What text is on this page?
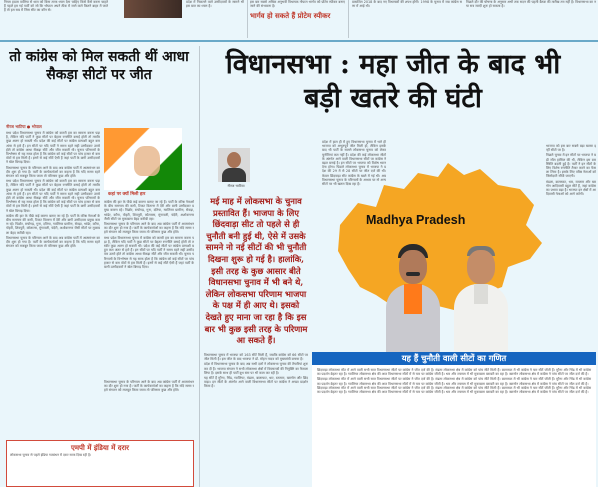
नियम हाउस वालिया से धारा को किस तरफ ध्यान देना चाहिए किसे कैसे करना चाहते हैं पहले हम गई पार्टी को जो कि भोपाल अपने ठीक में जाने वाले कितने बाहर में जाते हैं तो हम सब में जिस सीट का कौन से।

प्रदेश में निकलने वाले उम्मीदवारों के सामने भी इस बात का ध्यान है।

इस बार सबसे अधिक अनुभवी विधायक गोपाल भार्गव को प्रोटेम स्पीकर बनाए जाने की संभावना है।
भार्गव हो सकते हैं प्रोटेम स्पीकर

प्रकाशित 2018 के बाद नए विधायकों की शपथ होगी। 1998 के चुनाव में जब कांग्रेस सत्ता में आई थी।

पिछले दौर की घोषणा के अनुसार अभी तक सदन की पहली बैठक की तारीख तय नहीं है। विधानसभा का नया सत्र जल्दी शुरू हो सकता है।

तो कांग्रेस को मिल सकती थीं आधा सैकड़ा सीटों पर जीत
नीरज भाटिया ● भोपाल

मध्य प्रदेश विधानसभा चुनाव में कांग्रेस को करारी हार का सामना करना पड़ा है, लेकिन यदि पार्टी ने कुछ सीटों पर बेहतर रणनीति बनाई होती तो तस्वीर कुछ अलग हो सकती थी। प्रदेश की कई सीटों पर कांग्रेस प्रत्याशी बहुत कम अंतर से हारे हैं। इन सीटों पर यदि पार्टी ने समय रहते सही उम्मीदवार उतारे होते तो कांग्रेस आधा सैकड़ा सीटें और जीत सकती थी। चुनाव परिणामों के विश्लेषण से यह साफ होता है कि कांग्रेस को कई सीटों पर पांच हजार से कम वोटों से हार मिली है। इनमें से कई सीटें ऐसी हैं जहां पार्टी के बागी उम्मीदवारों ने खेल बिगाड़ दिया।

विधानसभा चुनाव के परिणाम आने के बाद अब कांग्रेस पार्टी में आत्ममंथन का दौर शुरू हो गया है। पार्टी के कार्यकर्ताओं का कहना है कि यदि समय रहते संगठन को मजबूत किया जाता तो परिणाम कुछ और होते।

मध्य प्रदेश विधानसभा चुनाव में कांग्रेस को करारी हार का सामना करना पड़ा है, लेकिन यदि पार्टी ने कुछ सीटों पर बेहतर रणनीति बनाई होती तो तस्वीर कुछ अलग हो सकती थी। प्रदेश की कई सीटों पर कांग्रेस प्रत्याशी बहुत कम अंतर से हारे हैं। इन सीटों पर यदि पार्टी ने समय रहते सही उम्मीदवार उतारे होते तो कांग्रेस आधा सैकड़ा सीटें और जीत सकती थी। चुनाव परिणामों के विश्लेषण से यह साफ होता है कि कांग्रेस को कई सीटों पर पांच हजार से कम वोटों से हार मिली है। इनमें से कई सीटें ऐसी हैं जहां पार्टी के बागी उम्मीदवारों ने खेल बिगाड़ दिया।

कांग्रेस की हार के पीछे कई कारण बताए जा रहे हैं। पार्टी के वरिष्ठ नेताओं के बीच समन्वय की कमी, टिकट वितरण में देरी और बागी उम्मीदवार प्रमुख कारण रहे। पिछोर, राघोगढ़, गुना, दतिया, ग्वालियर ग्रामीण, सेवढ़ा, भांडेर, करैरा, पोहरी, शिवपुरी, कोलारस, मुंगावली, चंदेरी, अशोकनगर जैसी सीटों पर मुकाबला बेहद करीबी रहा।

विधानसभा चुनाव के परिणाम आने के बाद अब कांग्रेस पार्टी में आत्ममंथन का दौर शुरू हो गया है। पार्टी के कार्यकर्ताओं का कहना है कि यदि समय रहते संगठन को मजबूत किया जाता तो परिणाम कुछ और होते।

कहां पर क्यों मिली हार
नीरज भाटिया

कांग्रेस की हार के पीछे कई कारण बताए जा रहे हैं। पार्टी के वरिष्ठ नेताओं के बीच समन्वय की कमी, टिकट वितरण में देरी और बागी उम्मीदवार प्रमुख कारण रहे। पिछोर, राघोगढ़, गुना, दतिया, ग्वालियर ग्रामीण, सेवढ़ा, भांडेर, करैरा, पोहरी, शिवपुरी, कोलारस, मुंगावली, चंदेरी, अशोकनगर जैसी सीटों पर मुकाबला बेहद करीबी रहा।

विधानसभा चुनाव के परिणाम आने के बाद अब कांग्रेस पार्टी में आत्ममंथन का दौर शुरू हो गया है। पार्टी के कार्यकर्ताओं का कहना है कि यदि समय रहते संगठन को मजबूत किया जाता तो परिणाम कुछ और होते।

मध्य प्रदेश विधानसभा चुनाव में कांग्रेस को करारी हार का सामना करना पड़ा है, लेकिन यदि पार्टी ने कुछ सीटों पर बेहतर रणनीति बनाई होती तो तस्वीर कुछ अलग हो सकती थी। प्रदेश की कई सीटों पर कांग्रेस प्रत्याशी बहुत कम अंतर से हारे हैं। इन सीटों पर यदि पार्टी ने समय रहते सही उम्मीदवार उतारे होते तो कांग्रेस आधा सैकड़ा सीटें और जीत सकती थी। चुनाव परिणामों के विश्लेषण से यह साफ होता है कि कांग्रेस को कई सीटों पर पांच हजार से कम वोटों से हार मिली है। इनमें से कई सीटें ऐसी हैं जहां पार्टी के बागी उम्मीदवारों ने खेल बिगाड़ दिया।

विधानसभा चुनाव के परिणाम आने के बाद अब कांग्रेस पार्टी में आत्ममंथन का दौर शुरू हो गया है। पार्टी के कार्यकर्ताओं का कहना है कि यदि समय रहते संगठन को मजबूत किया जाता तो परिणाम कुछ और होते।

एमपी में इंडिया में दरार
लोकसभा चुनाव से पहले इंडिया गठबंधन में दरार साफ दिख रही है।
विधानसभा : महा जीत के बाद भी बड़ी खतरे की घंटी
मई माह में लोकसभा के चुनाव प्रस्तावित हैं। भाजपा के लिए छिंदवाड़ा सीट तो पहले से ही चुनौती बनी हुई थी, ऐसे में उसके सामने नो नई सीटों की भी चुनौती दिखना शुरू हो गई है। हालांकि, इसी तरह के कुछ आसार बीते विधानसभा चुनाव में भी बने थे, लेकिन लोकसभा परिणाम भाजपा के पक्ष में ही आए थे। इसको देखते हुए माना जा रहा है कि इस बार भी कुछ इसी तरह के परिणाम आ सकते हैं।

विधानसभा चुनाव में भाजपा को 163 सीटें मिली हैं, जबकि कांग्रेस को 66 सीटों पर जीत मिली है। इस जीत के बाद भाजपा ने डॉ. मोहन यादव को मुख्यमंत्री बनाया है।

प्रदेश में विधानसभा चुनाव के बाद अब सभी दलों ने लोकसभा चुनाव की तैयारियां शुरू कर दी हैं। भाजपा संगठन ने सभी लोकसभा क्षेत्रों में विस्तारकों की नियुक्ति का फैसला लिया है। इसके साथ ही पार्टी बूथ स्तर पर भी काम कर रही है।

यह सीटें हैं मुरैना, भिंड, ग्वालियर, मंडला, बालाघाट, धार, रतलाम, खरगोन और छिंदवाड़ा। इन सीटों के अंतर्गत आने वाली विधानसभा सीटों पर कांग्रेस ने अच्छा प्रदर्शन किया है।

प्रदेश में हाल ही में हुए विधानसभा चुनाव में भले ही भाजपा को अभूतपूर्व जीत मिली हो, लेकिन इसके बाद भी पार्टी के सामने लोकसभा चुनाव को लेकर चुनौतियां कम नहीं हैं। प्रदेश की कई लोकसभा सीटों के अंतर्गत आने वाली विधानसभा सीटों पर कांग्रेस ने बढ़त बनाई है। इन सीटों पर भाजपा को विशेष ध्यान देना होगा। पिछले लोकसभा चुनाव में भाजपा ने प्रदेश की 29 में से 28 सीटों पर जीत दर्ज की थी। केवल छिंदवाड़ा सीट कांग्रेस के खाते में गई थी। अब विधानसभा चुनाव के परिणामों के आधार पर नो अन्य सीटों पर भी खतरा दिख रहा है।

Madhya Pradesh
यह हैं चुनौती वाली सीटों का गणित
छिंदवाड़ा लोकसभा सीट में आने वाली सभी सात विधानसभा सीटों पर कांग्रेस ने जीत दर्ज की है। मंडला लोकसभा क्षेत्र में कांग्रेस को पांच सीटें मिली हैं। बालाघाट में भी कांग्रेस ने चार सीटें जीती हैं। मुरैना और भिंड में भी कांग्रेस का प्रदर्शन बेहतर रहा है। ग्वालियर लोकसभा क्षेत्र की आठ विधानसभा सीटों में से चार पर कांग्रेस जीती है। धार और रतलाम में भी मुकाबला बराबरी का रहा है। खरगोन लोकसभा क्षेत्र में कांग्रेस ने पांच सीटों पर जीत दर्ज की है।
छिंदवाड़ा लोकसभा सीट में आने वाली सभी सात विधानसभा सीटों पर कांग्रेस ने जीत दर्ज की है। मंडला लोकसभा क्षेत्र में कांग्रेस को पांच सीटें मिली हैं। बालाघाट में भी कांग्रेस ने चार सीटें जीती हैं। मुरैना और भिंड में भी कांग्रेस का प्रदर्शन बेहतर रहा है। ग्वालियर लोकसभा क्षेत्र की आठ विधानसभा सीटों में से चार पर कांग्रेस जीती है। धार और रतलाम में भी मुकाबला बराबरी का रहा है। खरगोन लोकसभा क्षेत्र में कांग्रेस ने पांच सीटों पर जीत दर्ज की है।
छिंदवाड़ा लोकसभा सीट में आने वाली सभी सात विधानसभा सीटों पर कांग्रेस ने जीत दर्ज की है। मंडला लोकसभा क्षेत्र में कांग्रेस को पांच सीटें मिली हैं। बालाघाट में भी कांग्रेस ने चार सीटें जीती हैं। मुरैना और भिंड में भी कांग्रेस का प्रदर्शन बेहतर रहा है। ग्वालियर लोकसभा क्षेत्र की आठ विधानसभा सीटों में से चार पर कांग्रेस जीती है। धार और रतलाम में भी मुकाबला बराबरी का रहा है। खरगोन लोकसभा क्षेत्र में कांग्रेस ने पांच सीटों पर जीत दर्ज की है।

भाजपा को इस बार सबसे बड़ा खतरा इन्हीं सीटों पर है।

पिछले चुनाव में इन सीटों पर भाजपा ने बड़ी जीत हासिल की थी, लेकिन इस बार स्थिति बदली हुई है। पार्टी ने इन सीटों के लिए विशेष रणनीति तैयार करने का फैसला लिया है। इसके लिए वरिष्ठ नेताओं को जिम्मेदारी सौंपी जाएगी।

मंडला, बालाघाट, धार, रतलाम और खरगोन आदिवासी बहुल सीटें हैं, जहां कांग्रेस का प्रभाव बढ़ा है। भाजपा इन क्षेत्रों में आदिवासी नेताओं को आगे करेगी।
